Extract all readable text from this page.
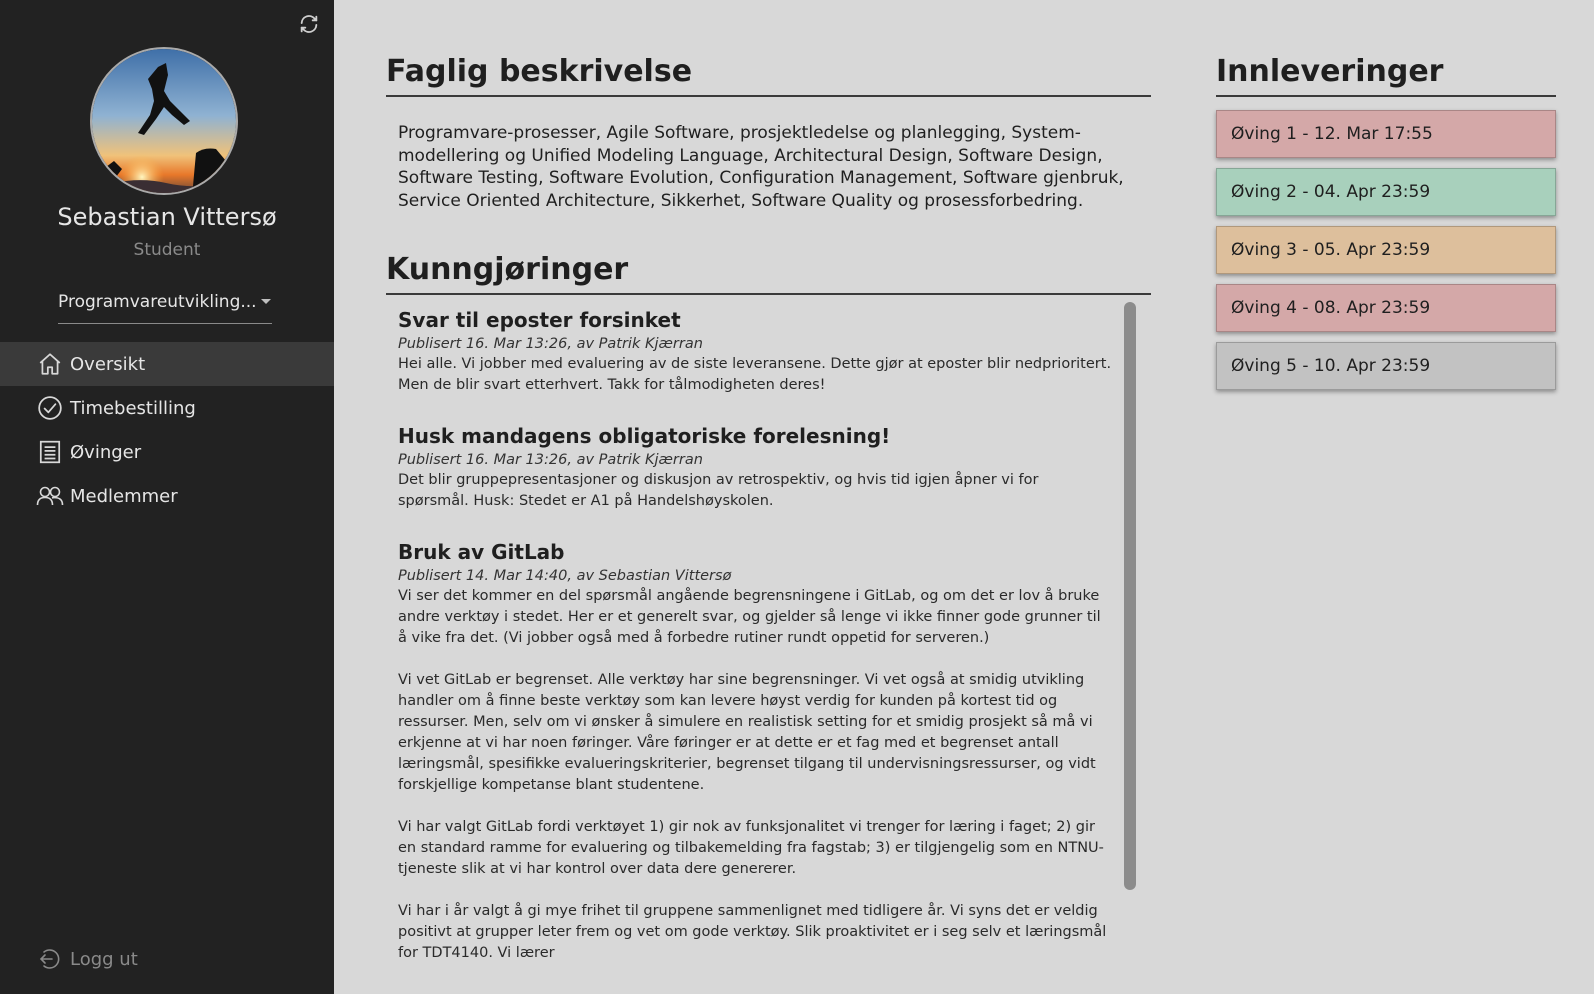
Sebastian Vittersø
Student
Programvareutvikling...
Oversikt
Timebestilling
Øvinger
Medlemmer
Logg ut
Faglig beskrivelse
Programvare-prosesser, Agile Software, prosjektledelse og planlegging, System-modellering og Unified Modeling Language, Architectural Design, Software Design, Software Testing, Software Evolution, Configuration Management, Software gjenbruk, Service Oriented Architecture, Sikkerhet, Software Quality og prosessforbedring.
Kunngjøringer
Svar til eposter forsinket
Publisert 16. Mar 13:26, av Patrik Kjærran
Hei alle. Vi jobber med evaluering av de siste leveransene. Dette gjør at eposter blir nedprioritert. Men de blir svart etterhvert. Takk for tålmodigheten deres!
Husk mandagens obligatoriske forelesning!
Publisert 16. Mar 13:26, av Patrik Kjærran
Det blir gruppepresentasjoner og diskusjon av retrospektiv, og hvis tid igjen åpner vi for spørsmål. Husk: Stedet er A1 på Handelshøyskolen.
Bruk av GitLab
Publisert 14. Mar 14:40, av Sebastian Vittersø
Vi ser det kommer en del spørsmål angående begrensningene i GitLab, og om det er lov å bruke andre verktøy i stedet. Her er et generelt svar, og gjelder så lenge vi ikke finner gode grunner til å vike fra det. (Vi jobber også med å forbedre rutiner rundt oppetid for serveren.)

Vi vet GitLab er begrenset. Alle verktøy har sine begrensninger. Vi vet også at smidig utvikling handler om å finne beste verktøy som kan levere høyst verdig for kunden på kortest tid og ressurser. Men, selv om vi ønsker å simulere en realistisk setting for et smidig prosjekt så må vi erkjenne at vi har noen føringer. Våre føringer er at dette er et fag med et begrenset antall læringsmål, spesifikke evalueringskriterier, begrenset tilgang til undervisningsressurser, og vidt forskjellige kompetanse blant studentene.

Vi har valgt GitLab fordi verktøyet 1) gir nok av funksjonalitet vi trenger for læring i faget; 2) gir en standard ramme for evaluering og tilbakemelding fra fagstab; 3) er tilgjengelig som en NTNU-tjeneste slik at vi har kontrol over data dere genererer.

Vi har i år valgt å gi mye frihet til gruppene sammenlignet med tidligere år. Vi syns det er veldig positivt at grupper leter frem og vet om gode verktøy. Slik proaktivitet er i seg selv et læringsmål for TDT4140. Vi lærer
Innleveringer
Øving 1 - 12. Mar 17:55
Øving 2 - 04. Apr 23:59
Øving 3 - 05. Apr 23:59
Øving 4 - 08. Apr 23:59
Øving 5 - 10. Apr 23:59
